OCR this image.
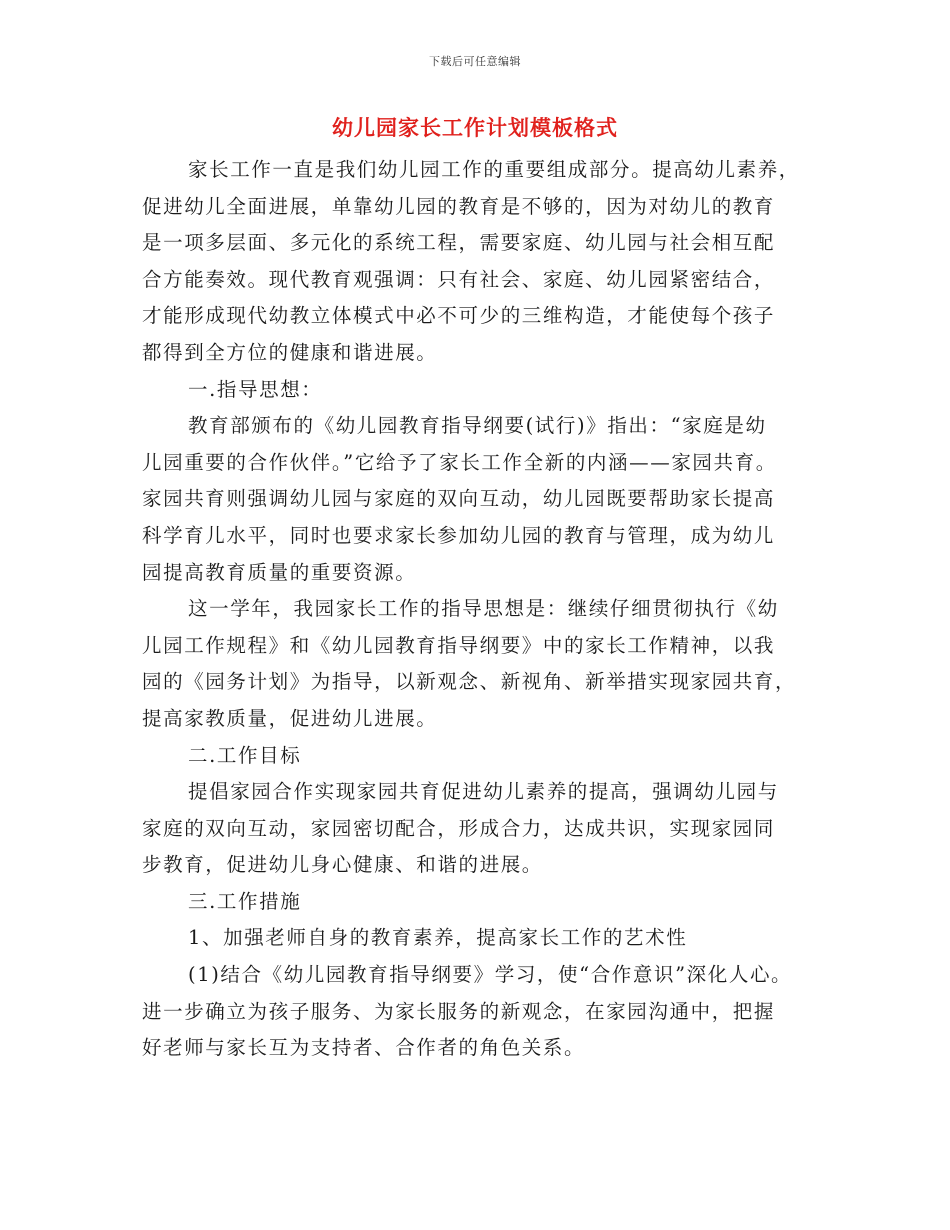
下载后可任意编辑
幼儿园家长工作计划模板格式
家长工作一直是我们幼儿园工作的重要组成部分。提高幼儿素养，
促进幼儿全面进展，单靠幼儿园的教育是不够的，因为对幼儿的教育
是一项多层面、多元化的系统工程，需要家庭、幼儿园与社会相互配
合方能奏效。现代教育观强调：只有社会、家庭、幼儿园紧密结合，
才能形成现代幼教立体模式中必不可少的三维构造，才能使每个孩子
都得到全方位的健康和谐进展。
一.指导思想：
教育部颁布的《幼儿园教育指导纲要(试行)》指出：“家庭是幼
儿园重要的合作伙伴。”它给予了家长工作全新的内涵——家园共育。
家园共育则强调幼儿园与家庭的双向互动，幼儿园既要帮助家长提高
科学育儿水平，同时也要求家长参加幼儿园的教育与管理，成为幼儿
园提高教育质量的重要资源。
这一学年，我园家长工作的指导思想是：继续仔细贯彻执行《幼
儿园工作规程》和《幼儿园教育指导纲要》中的家长工作精神，以我
园的《园务计划》为指导，以新观念、新视角、新举措实现家园共育，
提高家教质量，促进幼儿进展。
二.工作目标
提倡家园合作实现家园共育促进幼儿素养的提高，强调幼儿园与
家庭的双向互动，家园密切配合，形成合力，达成共识，实现家园同
步教育，促进幼儿身心健康、和谐的进展。
三.工作措施
1、加强老师自身的教育素养，提高家长工作的艺术性
(1)结合《幼儿园教育指导纲要》学习，使“合作意识”深化人心。
进一步确立为孩子服务、为家长服务的新观念，在家园沟通中，把握
好老师与家长互为支持者、合作者的角色关系。
